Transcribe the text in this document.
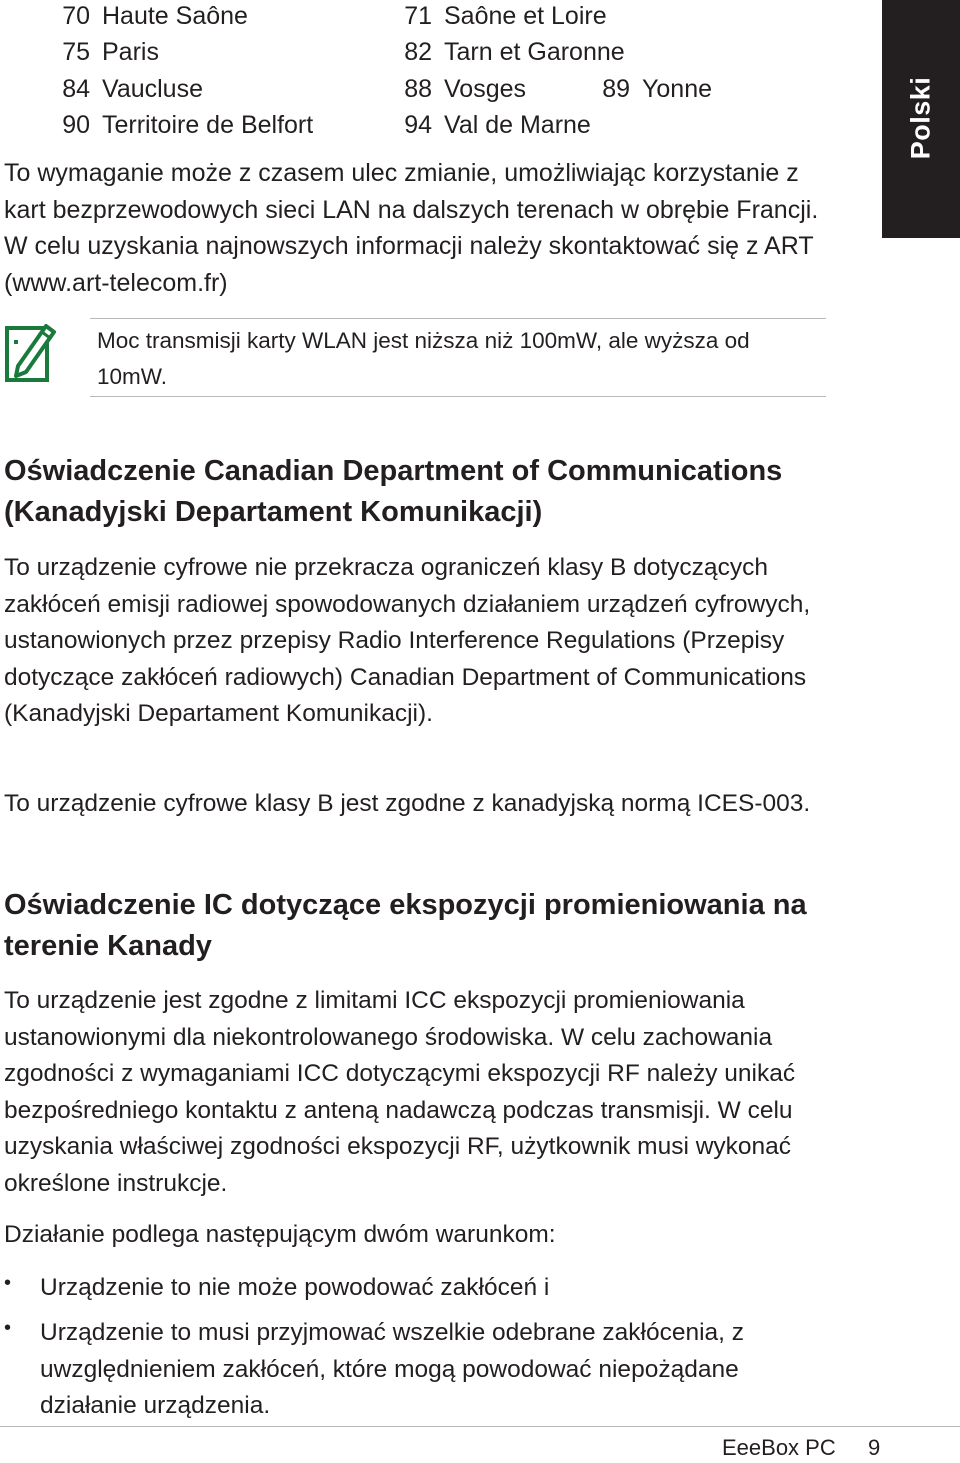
70 Haute Saône	71 Saône et Loire
75 Paris	82 Tarn et Garonne
84 Vaucluse	88 Vosges	89 Yonne
90 Territoire de Belfort	94 Val de Marne
To wymaganie może z czasem ulec zmianie, umożliwiając korzystanie z kart bezprzewodowych sieci LAN na dalszych terenach w obrębie Francji. W celu uzyskania najnowszych informacji należy skontaktować się z ART (www.art-telecom.fr)
Moc transmisji karty WLAN jest niższa niż 100mW, ale wyższa od 10mW.
Oświadczenie Canadian Department of Communications (Kanadyjski Departament Komunikacji)
To urządzenie cyfrowe nie przekracza ograniczeń klasy B dotyczących zakłóceń emisji radiowej spowodowanych działaniem urządzeń cyfrowych, ustanowionych przez przepisy Radio Interference Regulations (Przepisy dotyczące zakłóceń radiowych) Canadian Department of Communications (Kanadyjski Departament Komunikacji).
To urządzenie cyfrowe klasy B jest zgodne z kanadyjską normą ICES-003.
Oświadczenie IC dotyczące ekspozycji promieniowania na terenie Kanady
To urządzenie jest zgodne z limitami ICC ekspozycji promieniowania ustanowionymi dla niekontrolowanego środowiska. W celu zachowania zgodności z wymaganiami ICC dotyczącymi ekspozycji RF należy unikać bezpośredniego kontaktu z anteną nadawczą podczas transmisji. W celu uzyskania właściwej zgodności ekspozycji RF, użytkownik musi wykonać określone instrukcje.
Działanie podlega następującym dwóm warunkom:
• Urządzenie to nie może powodować zakłóceń i
• Urządzenie to musi przyjmować wszelkie odebrane zakłócenia, z uwzględnieniem zakłóceń, które mogą powodować niepożądane działanie urządzenia.
Polski
EeeBox PC 9
